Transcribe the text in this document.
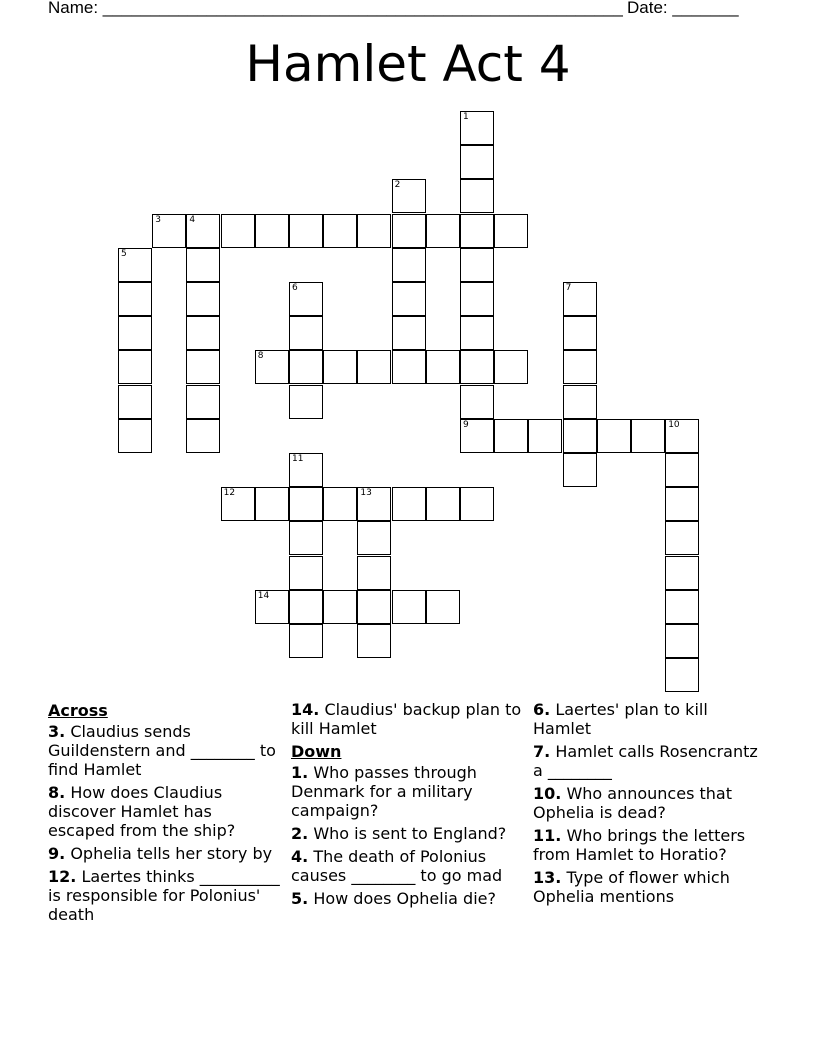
Name: _______________________________________________________ Date: _______
Hamlet Act 4
1
2
3	4
5
6	7
8
9	10
11
12	13
14
Across
3. Claudius sends Guildenstern and ________ to find Hamlet
8. How does Claudius discover Hamlet has escaped from the ship?
9. Ophelia tells her story by
12. Laertes thinks __________ is responsible for Polonius' death
14. Claudius' backup plan to kill Hamlet
Down
1. Who passes through Denmark for a military campaign?
2. Who is sent to England?
4. The death of Polonius causes ________ to go mad
5. How does Ophelia die?
6. Laertes' plan to kill Hamlet
7. Hamlet calls Rosencrantz a ________
10. Who announces that Ophelia is dead?
11. Who brings the letters from Hamlet to Horatio?
13. Type of flower which Ophelia mentions
